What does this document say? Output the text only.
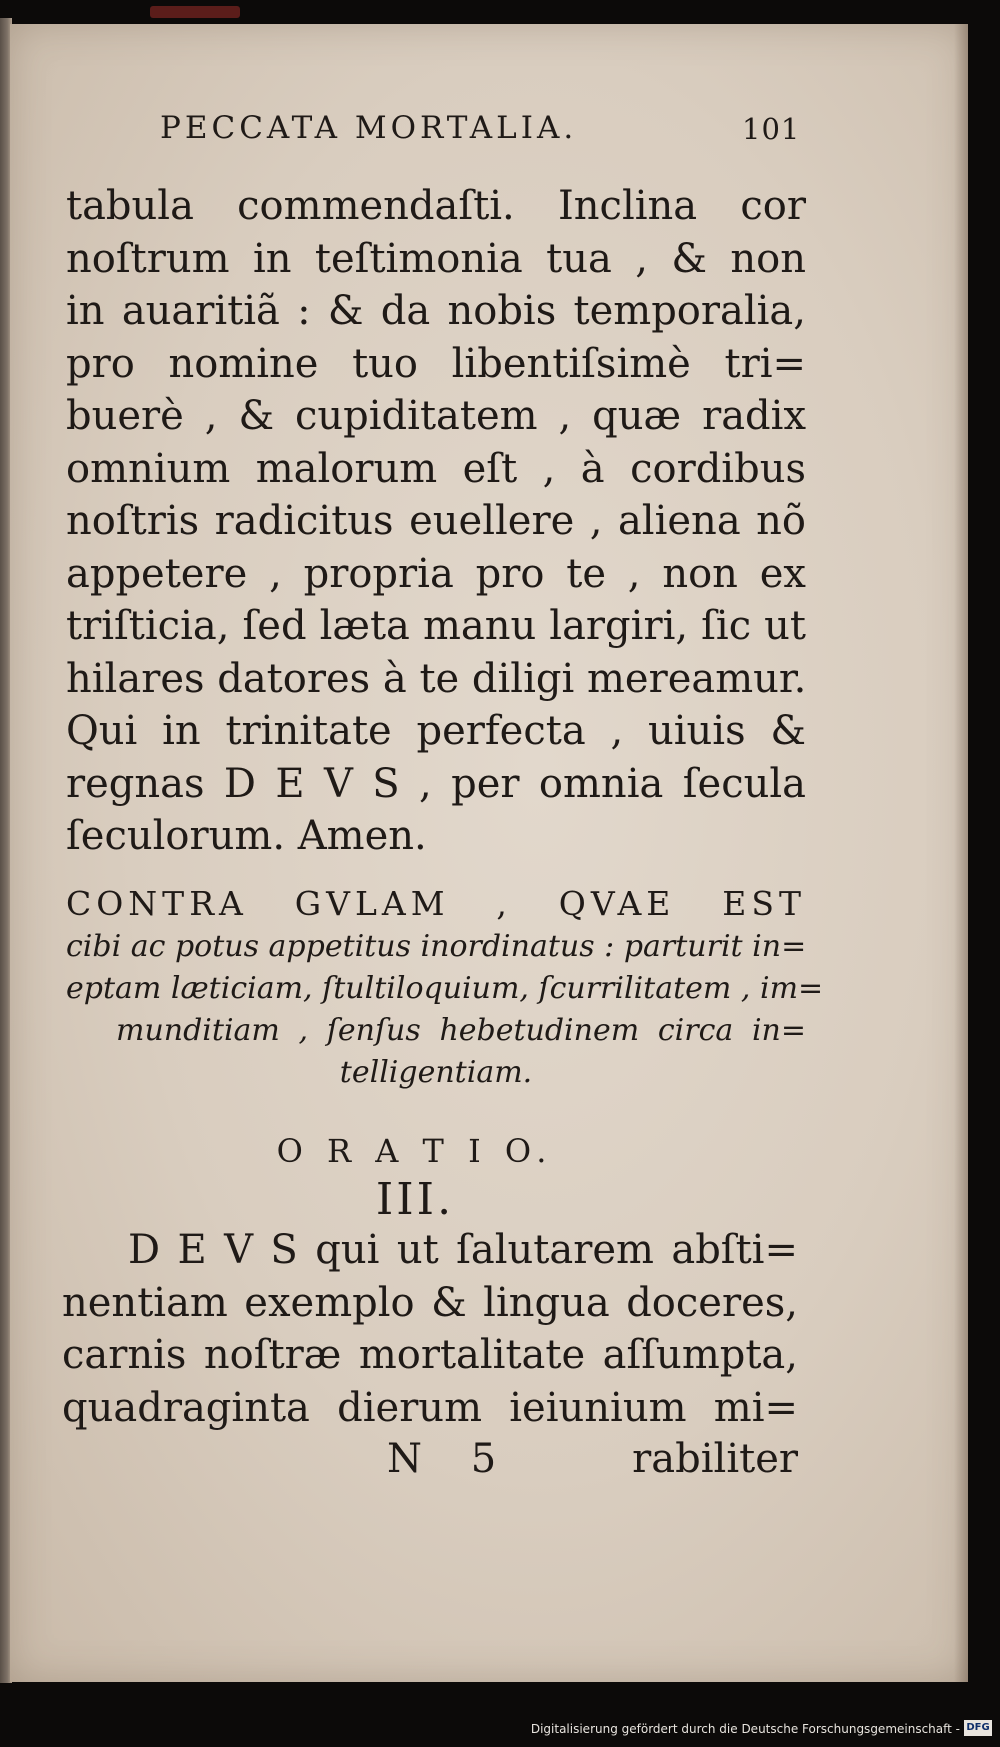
PECCATA MORTALIA.	101
tabula commendaſti. Inclina cor
noſtrum in teſtimonia tua , & non
in auaritiã : & da nobis temporalia,
pro nomine tuo libentiſsimè tri=
buerè , & cupiditatem , quæ radix
omnium malorum eſt , à cordibus
noſtris radicitus euellere , aliena nõ
appetere , propria pro te , non ex
triſticia, ſed læta manu largiri, ſic ut
hilares datores à te diligi mereamur.
Qui in trinitate perfecta , uiuis &
regnas D E V S , per omnia ſecula
ſeculorum. Amen.
CONTRA GVLAM , QVAE EST
cibi ac potus appetitus inordinatus : parturit in=
eptam læticiam, ſtultiloquium, ſcurrilitatem , im=
munditiam , ſenſus hebetudinem circa in=
telligentiam.
O R A T I O.
III.
D E V S qui ut ſalutarem abſti=
nentiam exemplo & lingua doceres,
carnis noſtræ mortalitate aſſumpta,
quadraginta dierum ieiunium mi=
N 5	rabiliter
Digitalisierung gefördert durch die Deutsche Forschungsgemeinschaft - DFG
